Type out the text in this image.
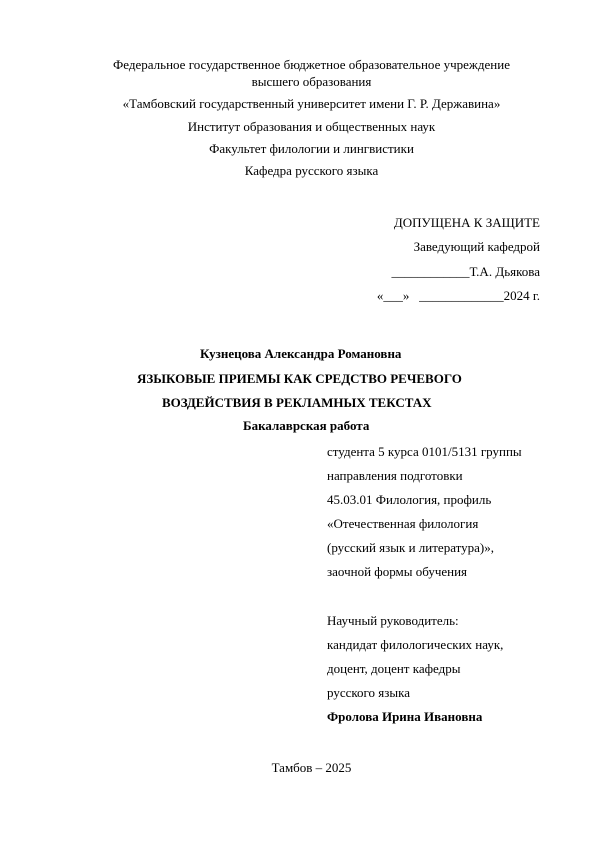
Федеральное государственное бюджетное образовательное учреждение
высшего образования
«Тамбовский государственный университет имени Г. Р. Державина»
Институт образования и общественных наук
Факультет филологии и лингвистики
Кафедра русского языка
ДОПУЩЕНА К ЗАЩИТЕ
Заведующий кафедрой
____________Т.А. Дьякова
«___»   _____________2024 г.
Кузнецова Александра Романовна
ЯЗЫКОВЫЕ ПРИЕМЫ КАК СРЕДСТВО РЕЧЕВОГО
ВОЗДЕЙСТВИЯ В РЕКЛАМНЫХ ТЕКСТАХ
Бакалаврская работа
студента 5 курса 0101/5131 группы
направления подготовки
45.03.01 Филология, профиль
«Отечественная филология
(русский язык и литература)»,
заочной формы обучения
Научный руководитель:
кандидат филологических наук,
доцент, доцент кафедры
русского языка
Фролова Ирина Ивановна
Тамбов – 2025
